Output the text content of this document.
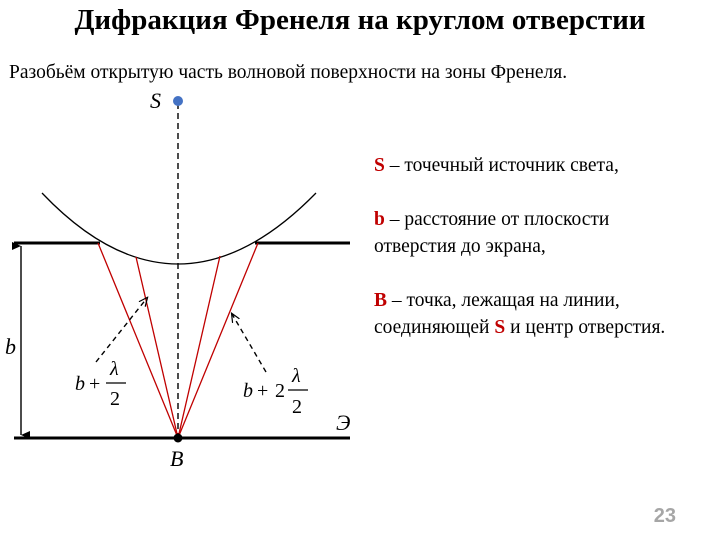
Дифракция Френеля на круглом отверстии
Разобьём открытую часть волновой поверхности на зоны Френеля.
S
B
b
Э
b +
λ
2	b + 2
λ
2

S – точечный источник света,

b – расстояние от плоскости отверстия до экрана,

B – точка, лежащая на линии, соединяющей S и центр отверстия.

23
